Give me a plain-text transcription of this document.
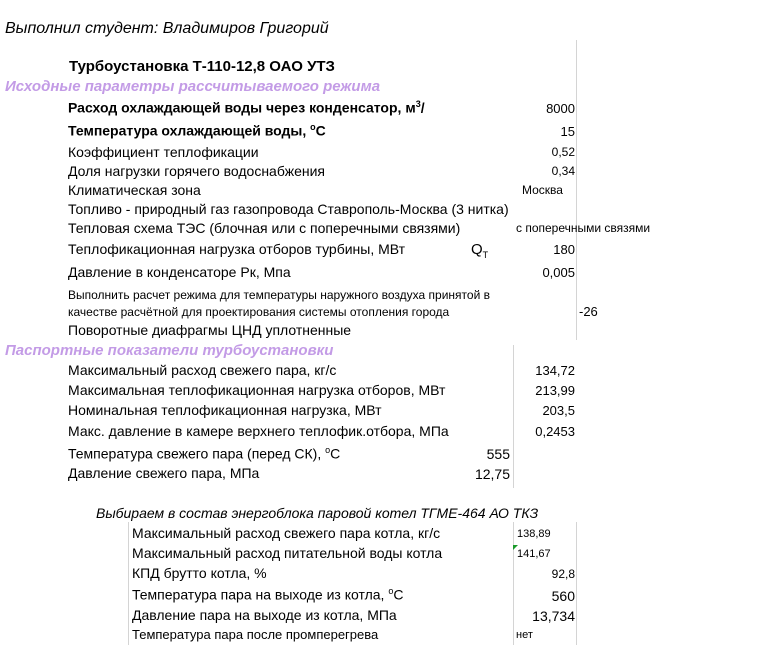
Выполнил студент: Владимиров Григорий
Турбоустановка Т-110-12,8 ОАО УТЗ
Исходные параметры рассчитываемого режима
Расход охлаждающей воды через конденсатор, $м^3/$	8000
Температура охлаждающей воды, $^о$С	15
Коэффициент теплофикации	0,52
Доля нагрузки горячего водоснабжения	0,34
Климатическая зона	Москва
Топливо - природный газ газопровода Ставрополь-Москва (3 нитка)
Тепловая схема ТЭС (блочная или с поперечными связями)	с поперечными связями
Теплофикационная нагрузка отборов турбины, МВт	$Q_Т$	180
Давление в конденсаторе Рк, Мпа	0,005
Выполнить расчет режима для температуры наружного воздуха принятой в
качестве расчётной для проектирования системы отопления города	-26
Поворотные диафрагмы ЦНД уплотненные
Паспортные показатели турбоустановки
Максимальный расход свежего пара, кг/с	134,72
Максимальная теплофикационная нагрузка отборов, МВт	213,99
Номинальная теплофикационная нагрузка, МВт	203,5
Макс. давление в камере верхнего теплофик.отбора, МПа	0,2453
Температура свежего пара (перед СК), $^о$С	555
Давление свежего пара, МПа	12,75
Выбираем в состав энергоблока паровой котел ТГМЕ-464 АО ТКЗ
Максимальный расход свежего пара котла, кг/с	138,89
Максимальный расход питательной воды котла	141,67
КПД брутто котла, %	92,8
Температура пара на выходе из котла, $^о$С	560
Давление пара на выходе из котла, МПа	13,734
Температура пара после промперегрева	нет
